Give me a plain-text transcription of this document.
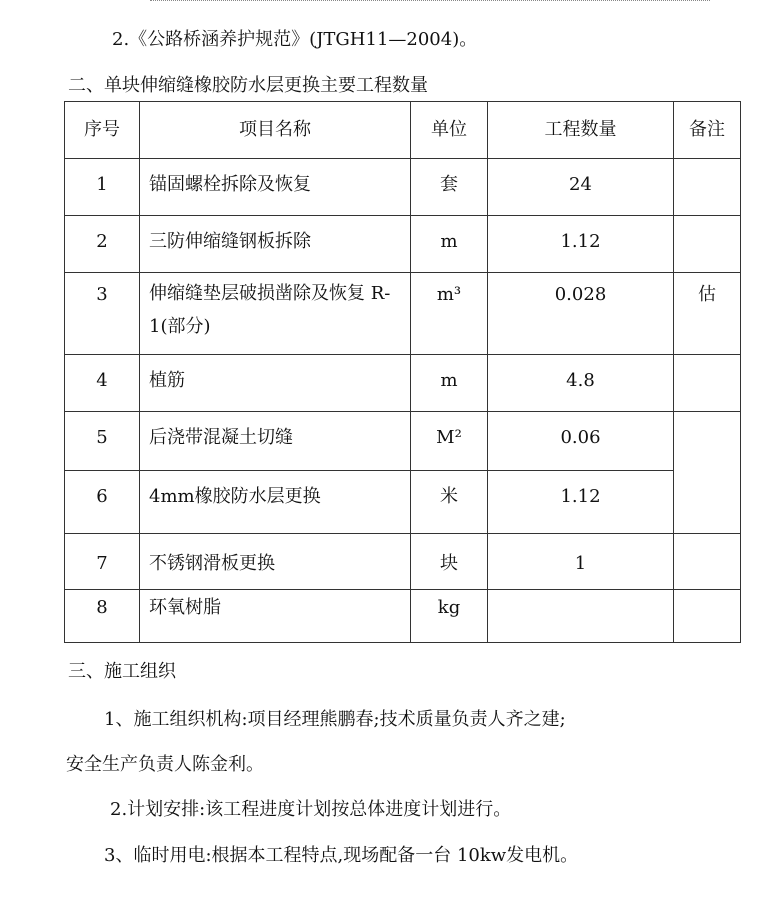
2.《公路桥涵养护规范》(JTGH11—2004)。
二、单块伸缩缝橡胶防水层更换主要工程数量
序号	项目名称	单位	工程数量	备注

1	锚固螺栓拆除及恢复	套	24	

2	三防伸缩缝钢板拆除	m	1.12	

3	伸缩缝垫层破损凿除及恢复 R-1(部分)	m³	0.028	估

4	植筋	m	4.8	

5	后浇带混凝土切缝	M²	0.06	

6	4mm橡胶防水层更换	米	1.12	

7	不锈钢滑板更换	块	1	

8	环氧树脂	kg		

三、施工组织
1、施工组织机构:项目经理熊鹏春;技术质量负责人齐之建;
安全生产负责人陈金利。
2.计划安排:该工程进度计划按总体进度计划进行。
3、临时用电:根据本工程特点,现场配备一台 10kw发电机。
